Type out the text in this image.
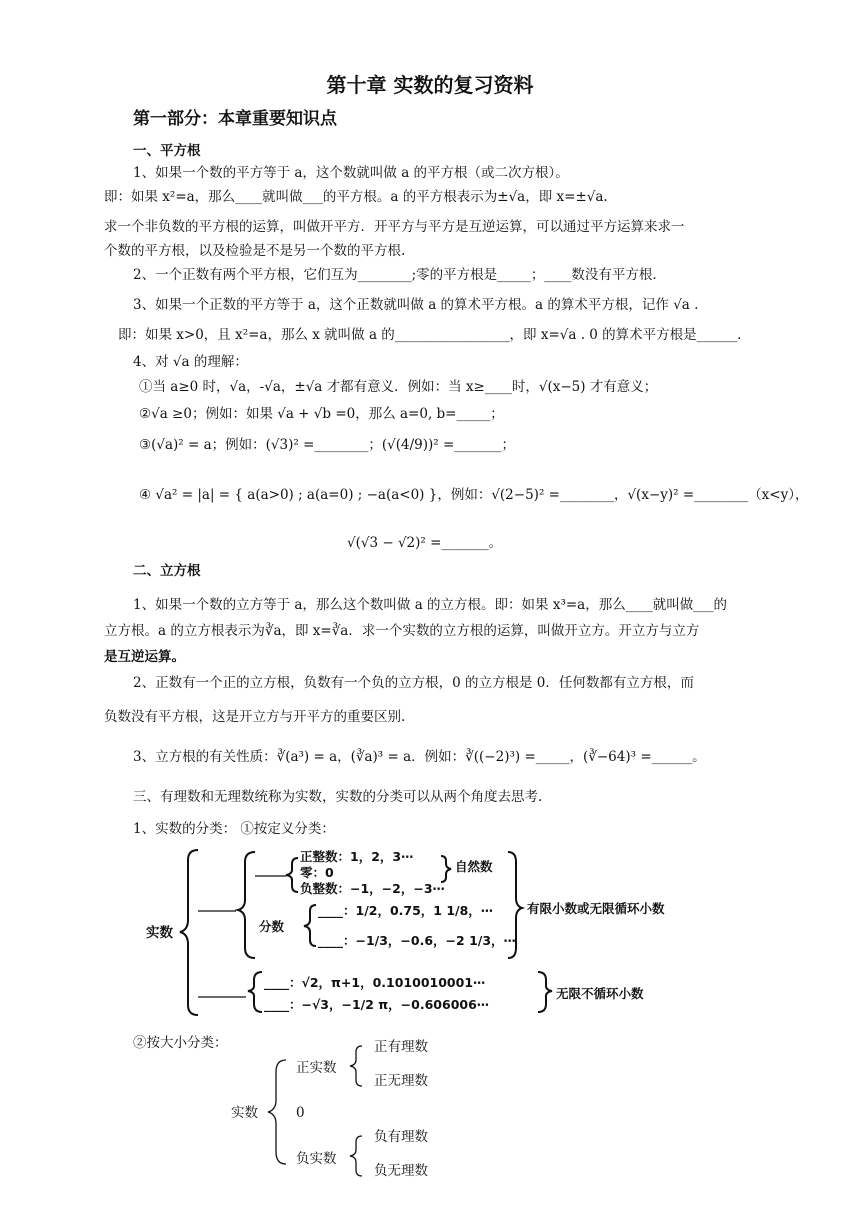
第十章 实数的复习资料
第一部分：本章重要知识点
一、平方根
1、如果一个数的平方等于 a，这个数就叫做 a 的平方根（或二次方根）。
即：如果 x²=a，那么____就叫做___的平方根。a 的平方根表示为±√a，即 x=±√a.
求一个非负数的平方根的运算，叫做开平方．开平方与平方是互逆运算，可以通过平方运算来求一
个数的平方根，以及检验是不是另一个数的平方根.
2、一个正数有两个平方根，它们互为________;零的平方根是_____；____数没有平方根.
3、如果一个正数的平方等于 a，这个正数就叫做 a 的算术平方根。a 的算术平方根，记作 √a .
即：如果 x>0，且 x²=a，那么 x 就叫做 a 的_________________，即 x=√a . 0 的算术平方根是______.
4、对 √a 的理解：
①当 a≥0 时，√a，-√a，±√a 才都有意义．例如：当 x≥____时，√(x−5) 才有意义；
②√a ≥0；例如：如果 √a + √b =0，那么 a=0, b=_____；
③(√a)² = a；例如：(√3)² =________；(√(4/9))² =_______；
④ √a² = |a| = { a(a>0) ; a(a=0) ; −a(a<0) }，例如：√(2−5)² =________，√(x−y)² =________（x<y），
√(√3 − √2)² =_______。
二、立方根
1、如果一个数的立方等于 a，那么这个数叫做 a 的立方根。即：如果 x³=a，那么____就叫做___的
立方根。a 的立方根表示为∛a，即 x=∛a．求一个实数的立方根的运算，叫做开立方。开立方与立方
是互逆运算。
2、正数有一个正的立方根，负数有一个负的立方根，0 的立方根是 0．任何数都有立方根，而
负数没有平方根，这是开立方与开平方的重要区别.
3、立方根的有关性质：∛(a³) = a，(∛a)³ = a．例如：∛((−2)³) =_____，(∛−64)³ =______。
三、有理数和无理数统称为实数，实数的分类可以从两个角度去思考.
1、实数的分类： ①按定义分类：
实数
正整数：1，2，3⋯
零：0	自然数
负整数：−1，−2，−3⋯
分数
____：1/2，0.75，1 1/8，⋯
____：−1/3，−0.6，−2 1/3，⋯
有限小数或无限循环小数
____：√2，π+1，0.1010010001⋯
____：−√3，−1/2 π，−0.606006⋯
无限不循环小数
②按大小分类：
实数
正实数
正有理数
正无理数
0
负实数
负有理数
负无理数
